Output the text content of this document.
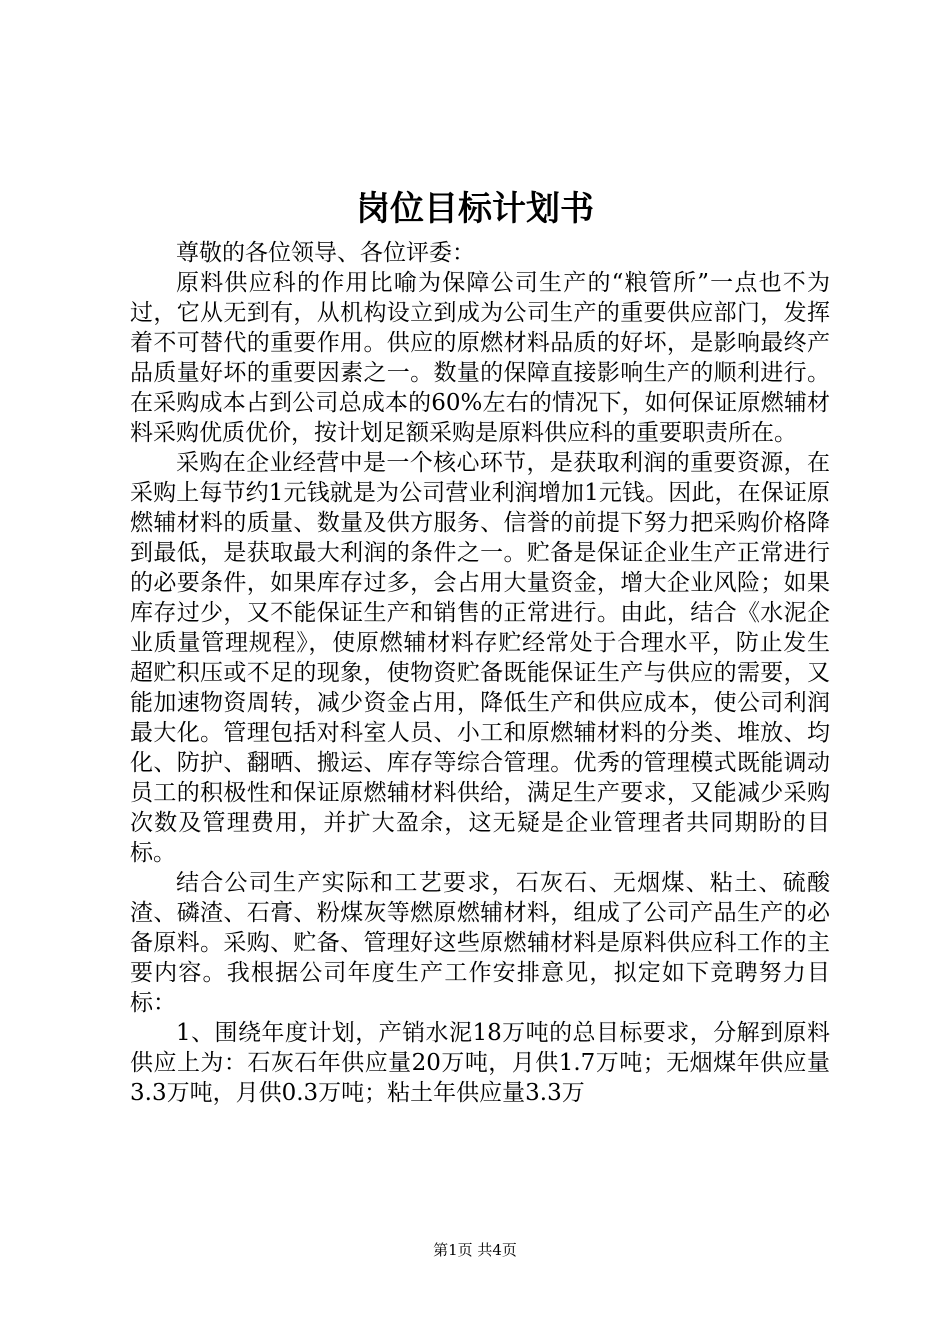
岗位目标计划书

尊敬的各位领导、各位评委：

原料供应科的作用比喻为保障公司生产的“粮管所”一点也不为过，它从无到有，从机构设立到成为公司生产的重要供应部门，发挥着不可替代的重要作用。供应的原燃材料品质的好坏，是影响最终产品质量好坏的重要因素之一。数量的保障直接影响生产的顺利进行。在采购成本占到公司总成本的60%左右的情况下，如何保证原燃辅材料采购优质优价，按计划足额采购是原料供应科的重要职责所在。

采购在企业经营中是一个核心环节，是获取利润的重要资源，在采购上每节约1元钱就是为公司营业利润增加1元钱。因此，在保证原燃辅材料的质量、数量及供方服务、信誉的前提下努力把采购价格降到最低，是获取最大利润的条件之一。贮备是保证企业生产正常进行的必要条件，如果库存过多，会占用大量资金，增大企业风险；如果库存过少，又不能保证生产和销售的正常进行。由此，结合《水泥企业质量管理规程》，使原燃辅材料存贮经常处于合理水平，防止发生超贮积压或不足的现象，使物资贮备既能保证生产与供应的需要，又能加速物资周转，减少资金占用，降低生产和供应成本，使公司利润最大化。管理包括对科室人员、小工和原燃辅材料的分类、堆放、均化、防护、翻晒、搬运、库存等综合管理。优秀的管理模式既能调动员工的积极性和保证原燃辅材料供给，满足生产要求，又能减少采购次数及管理费用，并扩大盈余，这无疑是企业管理者共同期盼的目标。

结合公司生产实际和工艺要求，石灰石、无烟煤、粘土、硫酸渣、磷渣、石膏、粉煤灰等燃原燃辅材料，组成了公司产品生产的必备原料。采购、贮备、管理好这些原燃辅材料是原料供应科工作的主要内容。我根据公司年度生产工作安排意见，拟定如下竞聘努力目标：

1、围绕年度计划，产销水泥18万吨的总目标要求，分解到原料供应上为：石灰石年供应量20万吨，月供1.7万吨；无烟煤年供应量3.3万吨，月供0.3万吨；粘土年供应量3.3万

第1页 共4页
